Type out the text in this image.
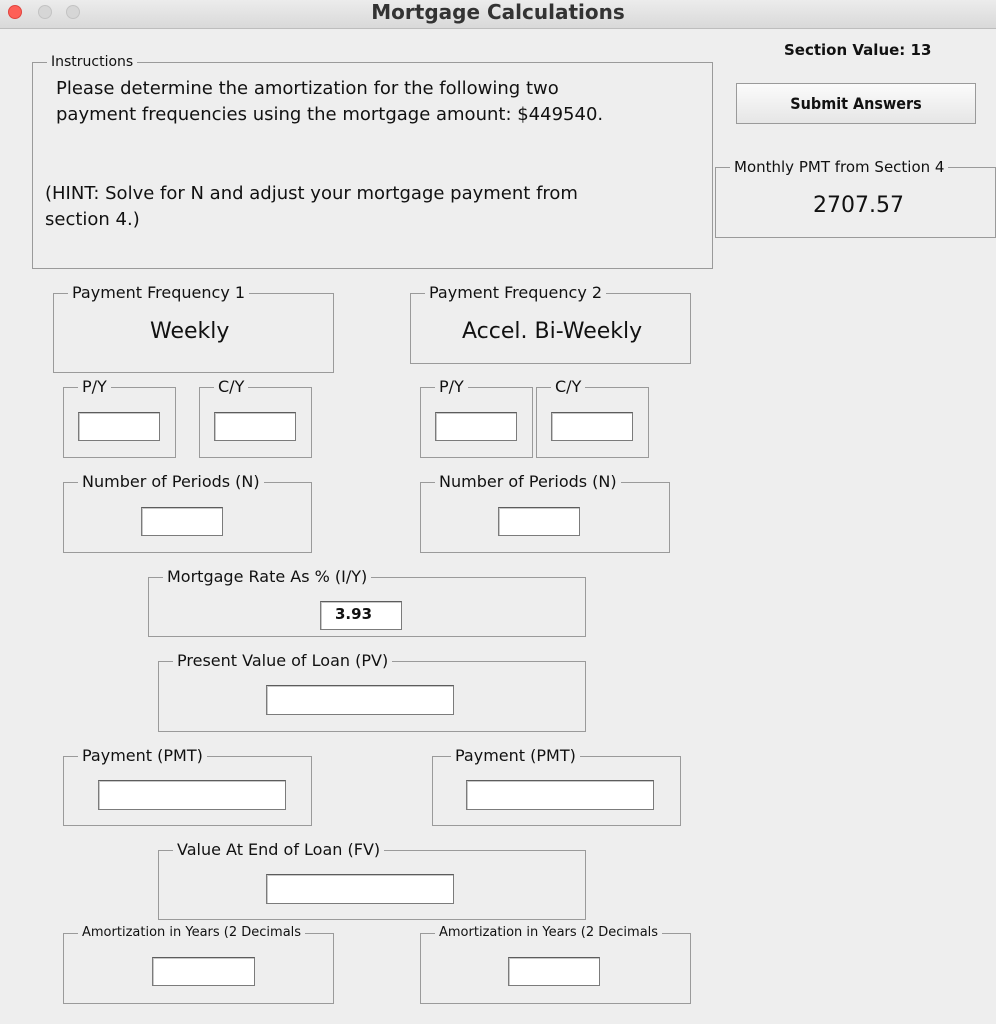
Mortgage Calculations
Section Value: 13
Submit Answers
Instructions
Please determine the amortization for the following two
payment frequencies using the mortgage amount: $449540.
(HINT: Solve for N and adjust your mortgage payment from
section 4.)
Monthly PMT from Section 4
2707.57
Payment Frequency 1
Weekly
Payment Frequency 2
Accel. Bi-Weekly
P/Y	C/Y	P/Y	C/Y
Number of Periods (N)	Number of Periods (N)
Mortgage Rate As % (I/Y)
3.93
Present Value of Loan (PV)
Payment (PMT)	Payment (PMT)
Value At End of Loan (FV)
Amortization in Years (2 Decimals	Amortization in Years (2 Decimals
